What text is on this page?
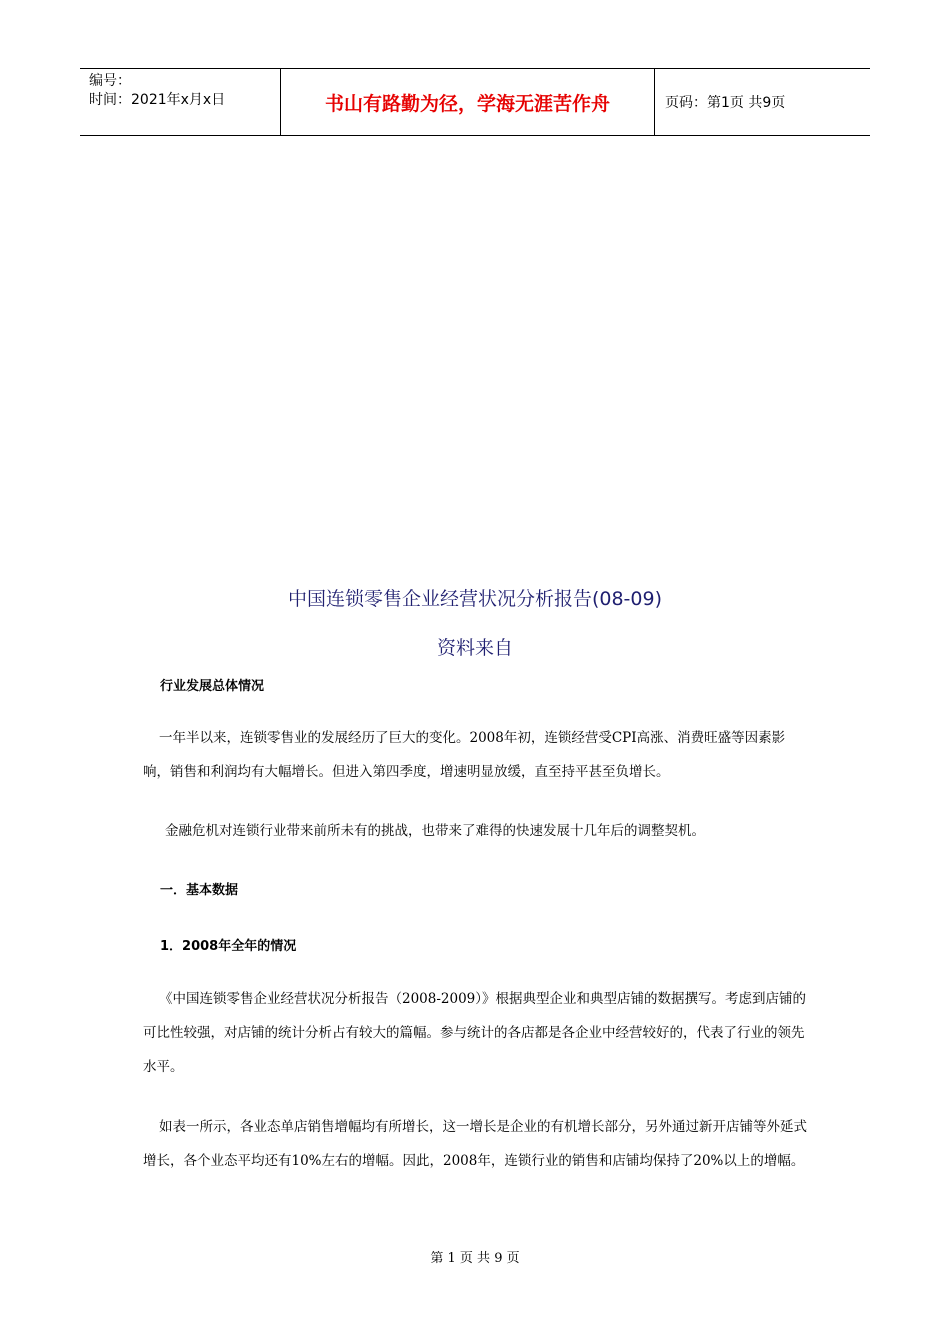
编号：
时间：2021年x月x日	书山有路勤为径，学海无涯苦作舟	页码：第1页 共9页
中国连锁零售企业经营状况分析报告(08-09)
资料来自

行业发展总体情况

一年半以来，连锁零售业的发展经历了巨大的变化。2008年初，连锁经营受CPI高涨、消费旺盛等因素影响，销售和利润均有大幅增长。但进入第四季度，增速明显放缓，直至持平甚至负增长。

金融危机对连锁行业带来前所未有的挑战，也带来了难得的快速发展十几年后的调整契机。

一．基本数据

1．2008年全年的情况

《中国连锁零售企业经营状况分析报告（2008-2009）》根据典型企业和典型店铺的数据撰写。考虑到店铺的可比性较强，对店铺的统计分析占有较大的篇幅。参与统计的各店都是各企业中经营较好的，代表了行业的领先水平。

如表一所示，各业态单店销售增幅均有所增长，这一增长是企业的有机增长部分，另外通过新开店铺等外延式增长，各个业态平均还有10%左右的增幅。因此，2008年，连锁行业的销售和店铺均保持了20%以上的增幅。

第 1 页 共 9 页
